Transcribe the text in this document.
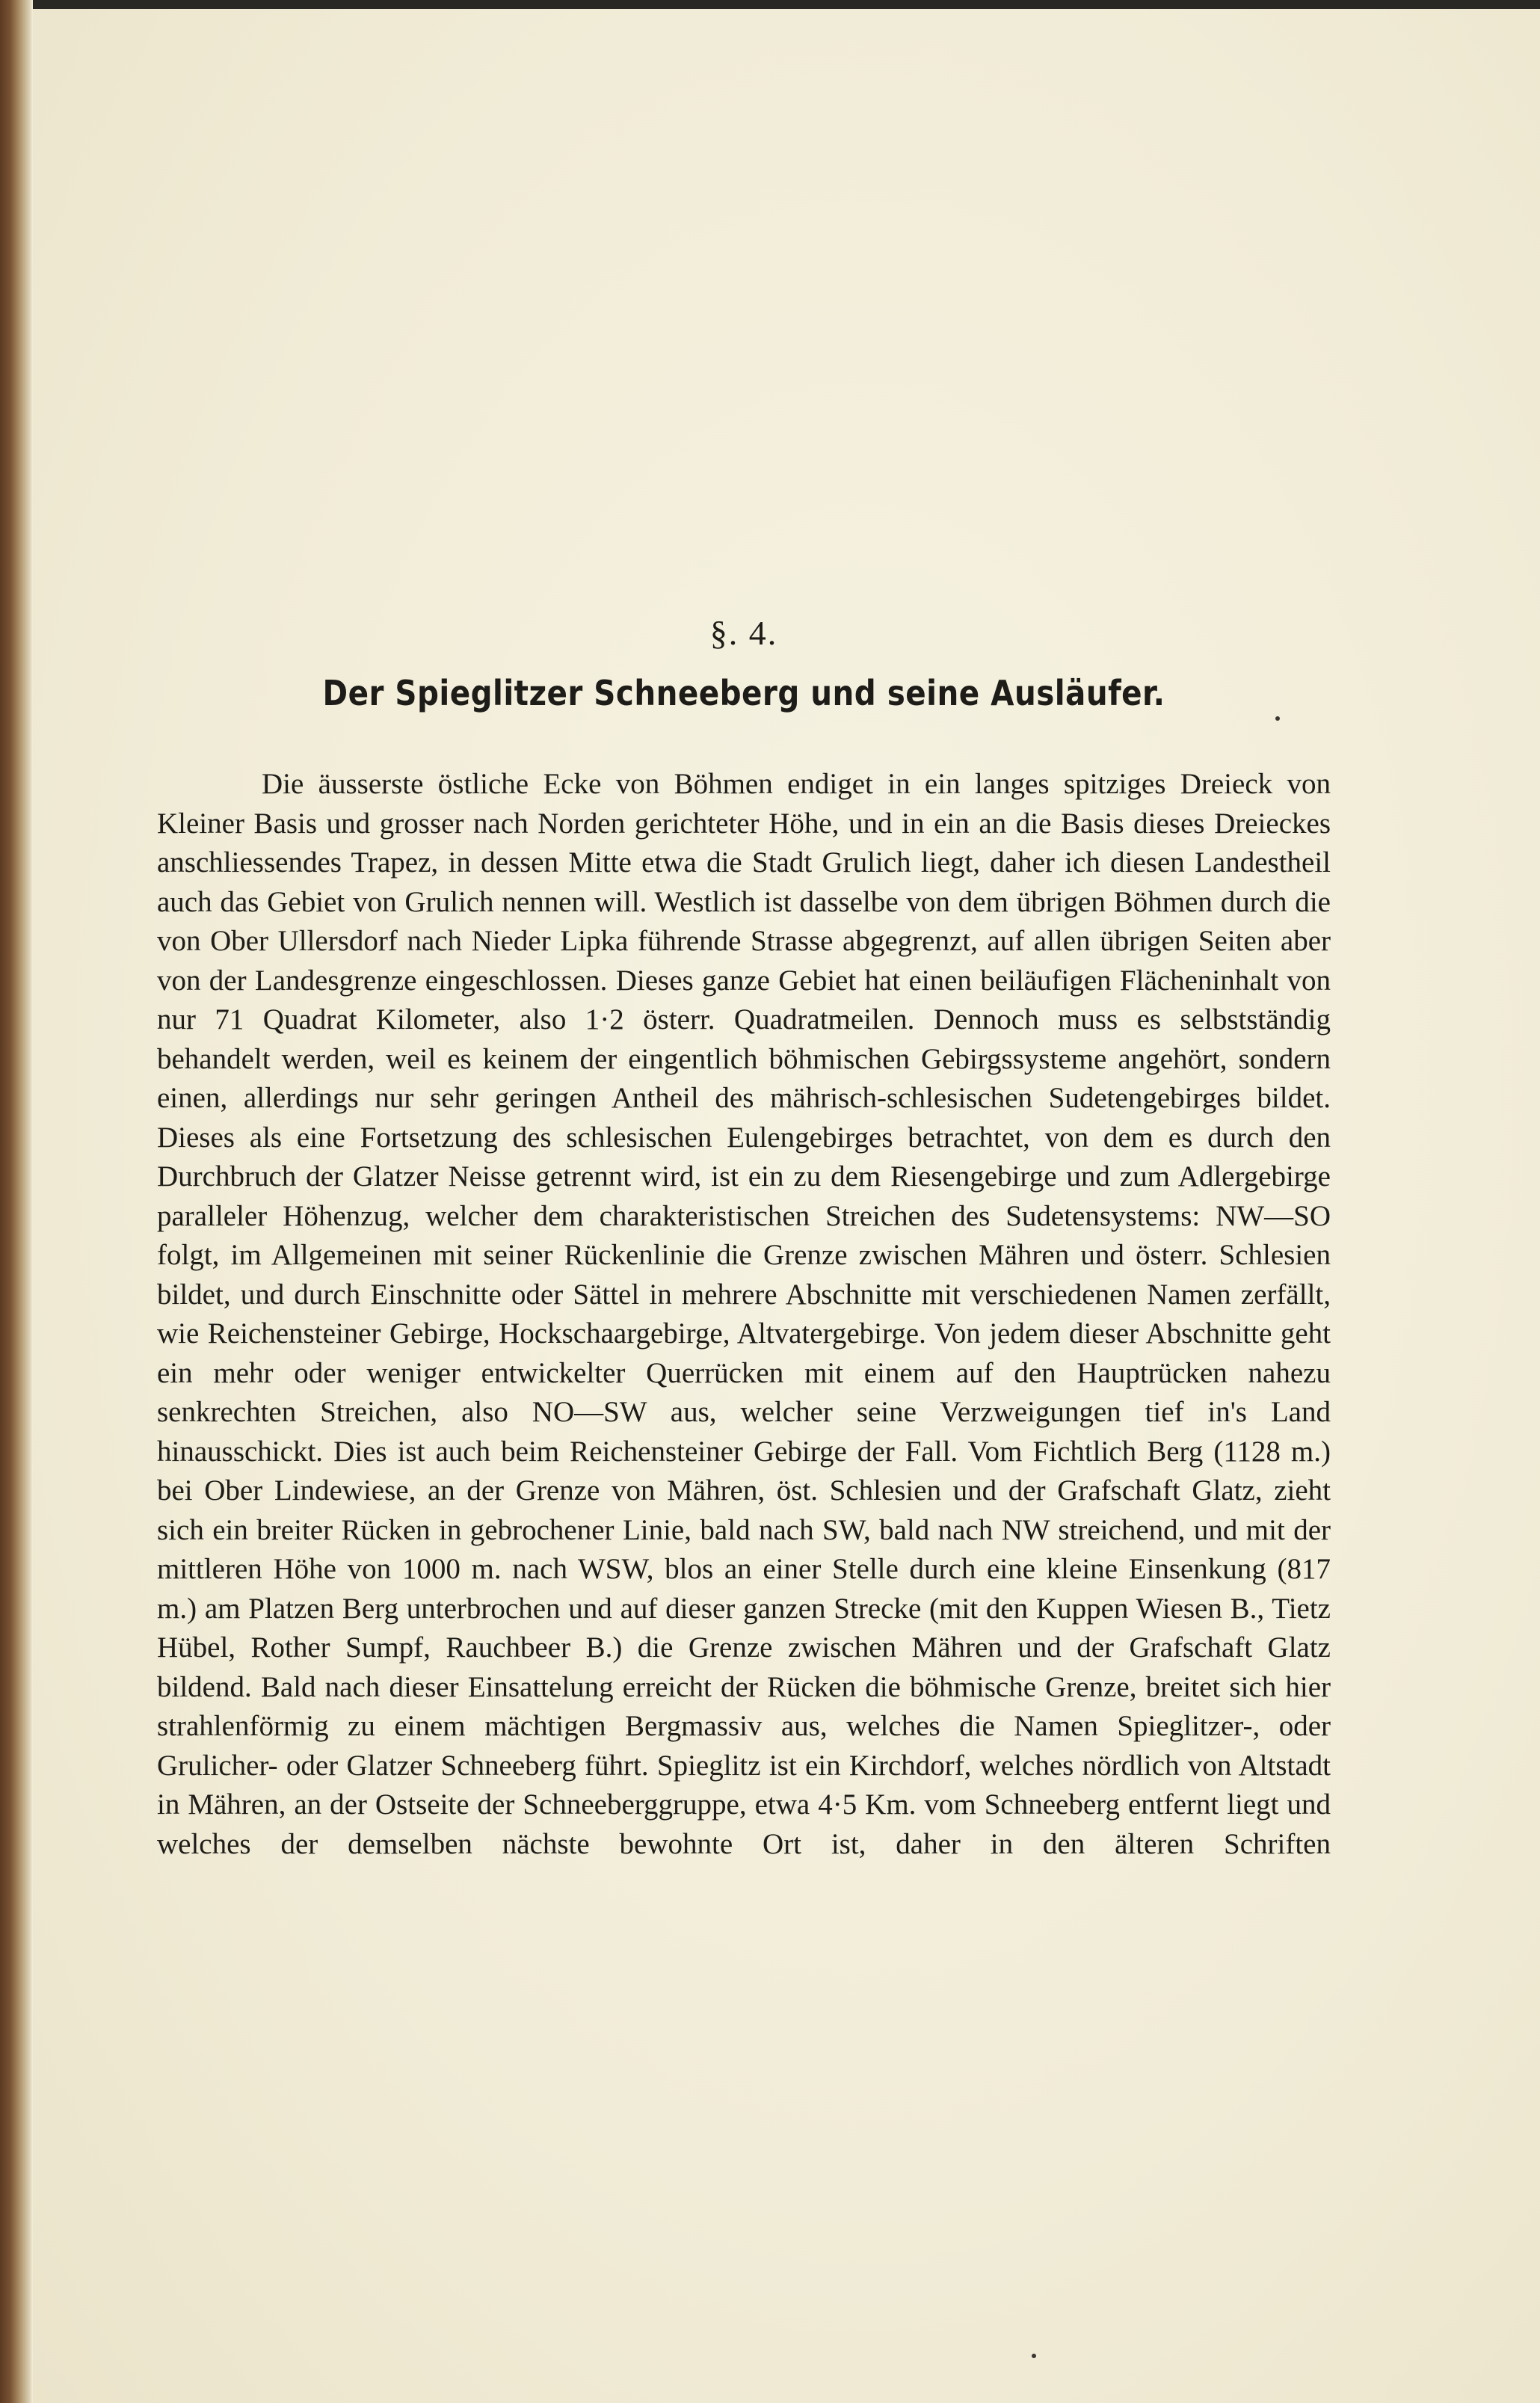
§. 4.
Der Spieglitzer Schneeberg und seine Ausläufer.

Die äusserste östliche Ecke von Böhmen endiget in ein langes spitziges Dreieck von Kleiner Basis und grosser nach Norden gerichteter Höhe, und in ein an die Basis dieses Dreieckes anschliessendes Trapez, in dessen Mitte etwa die Stadt Grulich liegt, daher ich diesen Landestheil auch das Gebiet von Grulich nennen will. Westlich ist dasselbe von dem übrigen Böhmen durch die von Ober Ullersdorf nach Nieder Lipka führende Strasse abgegrenzt, auf allen übrigen Seiten aber von der Landesgrenze eingeschlossen. Dieses ganze Gebiet hat einen beiläufigen Flächeninhalt von nur 71 Quadrat Kilometer, also 1·2 österr. Quadratmeilen. Dennoch muss es selbstständig behandelt werden, weil es keinem der eingentlich böhmischen Gebirgssysteme angehört, sondern einen, allerdings nur sehr geringen Antheil des mährisch-schlesischen Sudetengebirges bildet. Dieses als eine Fortsetzung des schlesischen Eulengebirges betrachtet, von dem es durch den Durchbruch der Glatzer Neisse getrennt wird, ist ein zu dem Riesengebirge und zum Adlergebirge paralleler Höhenzug, welcher dem charakteristischen Streichen des Sudetensystems: NW—SO folgt, im Allgemeinen mit seiner Rückenlinie die Grenze zwischen Mähren und österr. Schlesien bildet, und durch Einschnitte oder Sättel in mehrere Abschnitte mit verschiedenen Namen zerfällt, wie Reichensteiner Gebirge, Hockschaargebirge, Altvatergebirge. Von jedem dieser Abschnitte geht ein mehr oder weniger entwickelter Querrücken mit einem auf den Hauptrücken nahezu senkrechten Streichen, also NO—SW aus, welcher seine Verzweigungen tief in's Land hinausschickt. Dies ist auch beim Reichensteiner Gebirge der Fall. Vom Fichtlich Berg (1128 m.) bei Ober Lindewiese, an der Grenze von Mähren, öst. Schlesien und der Grafschaft Glatz, zieht sich ein breiter Rücken in gebrochener Linie, bald nach SW, bald nach NW streichend, und mit der mittleren Höhe von 1000 m. nach WSW, blos an einer Stelle durch eine kleine Einsenkung (817 m.) am Platzen Berg unterbrochen und auf dieser ganzen Strecke (mit den Kuppen Wiesen B., Tietz Hübel, Rother Sumpf, Rauchbeer B.) die Grenze zwischen Mähren und der Grafschaft Glatz bildend. Bald nach dieser Einsattelung erreicht der Rücken die böhmische Grenze, breitet sich hier strahlenförmig zu einem mächtigen Bergmassiv aus, welches die Namen Spieglitzer-, oder Grulicher- oder Glatzer Schneeberg führt. Spieglitz ist ein Kirchdorf, welches nördlich von Altstadt in Mähren, an der Ostseite der Schneeberggruppe, etwa 4·5 Km. vom Schneeberg entfernt liegt und welches der demselben nächste bewohnte Ort ist, daher in den älteren Schriften
